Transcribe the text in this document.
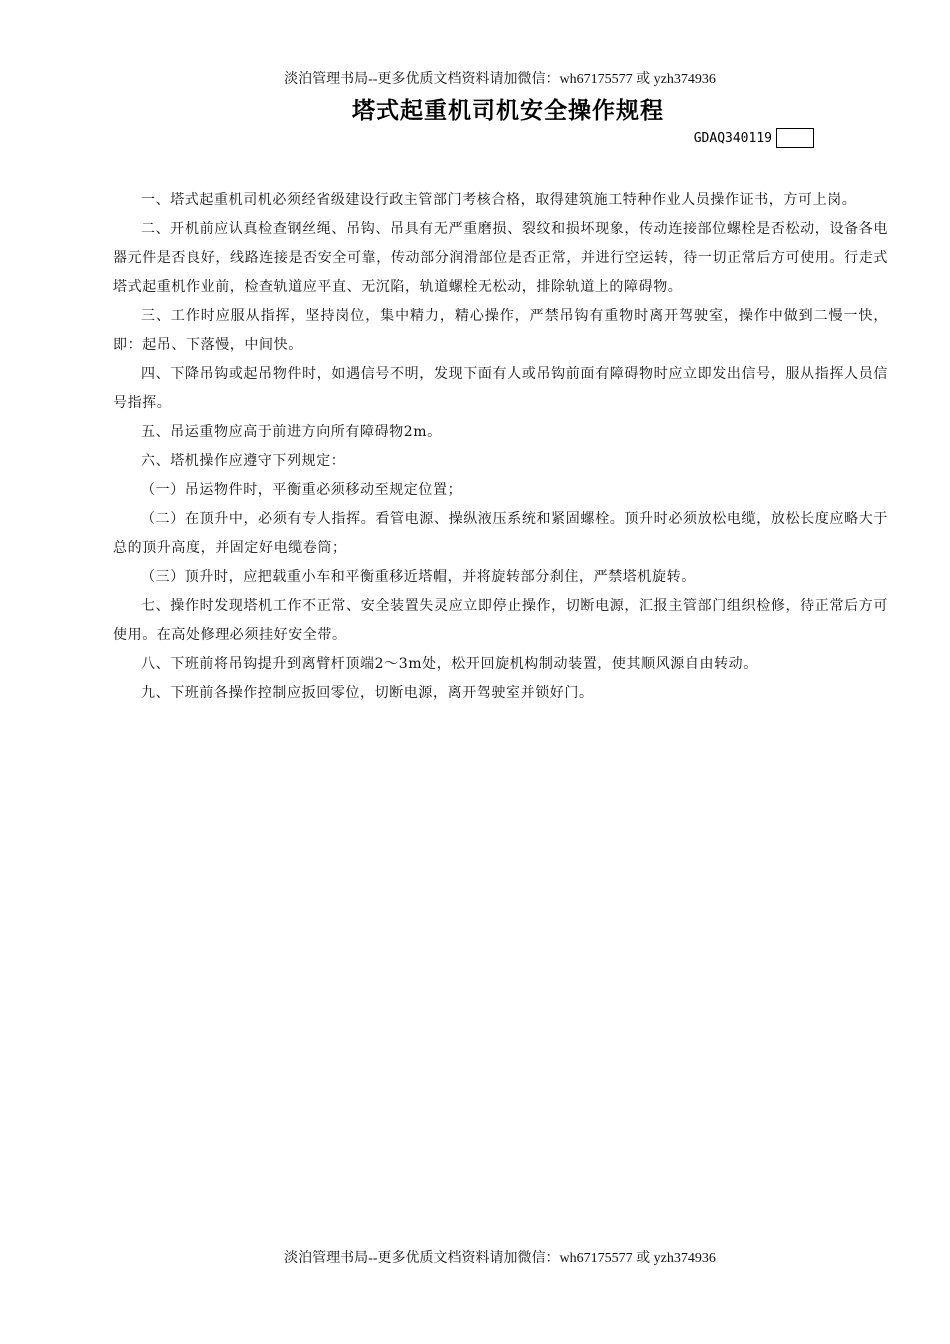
淡泊管理书局--更多优质文档资料请加微信：wh67175577 或 yzh374936
塔式起重机司机安全操作规程
GDAQ340119

一、塔式起重机司机必须经省级建设行政主管部门考核合格，取得建筑施工特种作业人员操作证书，方可上岗。

二、开机前应认真检查钢丝绳、吊钩、吊具有无严重磨损、裂纹和损坏现象，传动连接部位螺栓是否松动，设备各电器元件是否良好，线路连接是否安全可靠，传动部分润滑部位是否正常，并进行空运转，待一切正常后方可使用。行走式塔式起重机作业前，检查轨道应平直、无沉陷，轨道螺栓无松动，排除轨道上的障碍物。

三、工作时应服从指挥，坚持岗位，集中精力，精心操作，严禁吊钩有重物时离开驾驶室，操作中做到二慢一快，即：起吊、下落慢，中间快。

四、下降吊钩或起吊物件时，如遇信号不明，发现下面有人或吊钩前面有障碍物时应立即发出信号，服从指挥人员信号指挥。

五、吊运重物应高于前进方向所有障碍物2m。

六、塔机操作应遵守下列规定：

（一）吊运物件时，平衡重必须移动至规定位置；

（二）在顶升中，必须有专人指挥。看管电源、操纵液压系统和紧固螺栓。顶升时必须放松电缆，放松长度应略大于总的顶升高度，并固定好电缆卷筒；

（三）顶升时，应把载重小车和平衡重移近塔帽，并将旋转部分刹住，严禁塔机旋转。

七、操作时发现塔机工作不正常、安全装置失灵应立即停止操作，切断电源，汇报主管部门组织检修，待正常后方可使用。在高处修理必须挂好安全带。

八、下班前将吊钩提升到离臂杆顶端2～3m处，松开回旋机构制动装置，使其顺风源自由转动。

九、下班前各操作控制应扳回零位，切断电源，离开驾驶室并锁好门。

淡泊管理书局--更多优质文档资料请加微信：wh67175577 或 yzh374936
